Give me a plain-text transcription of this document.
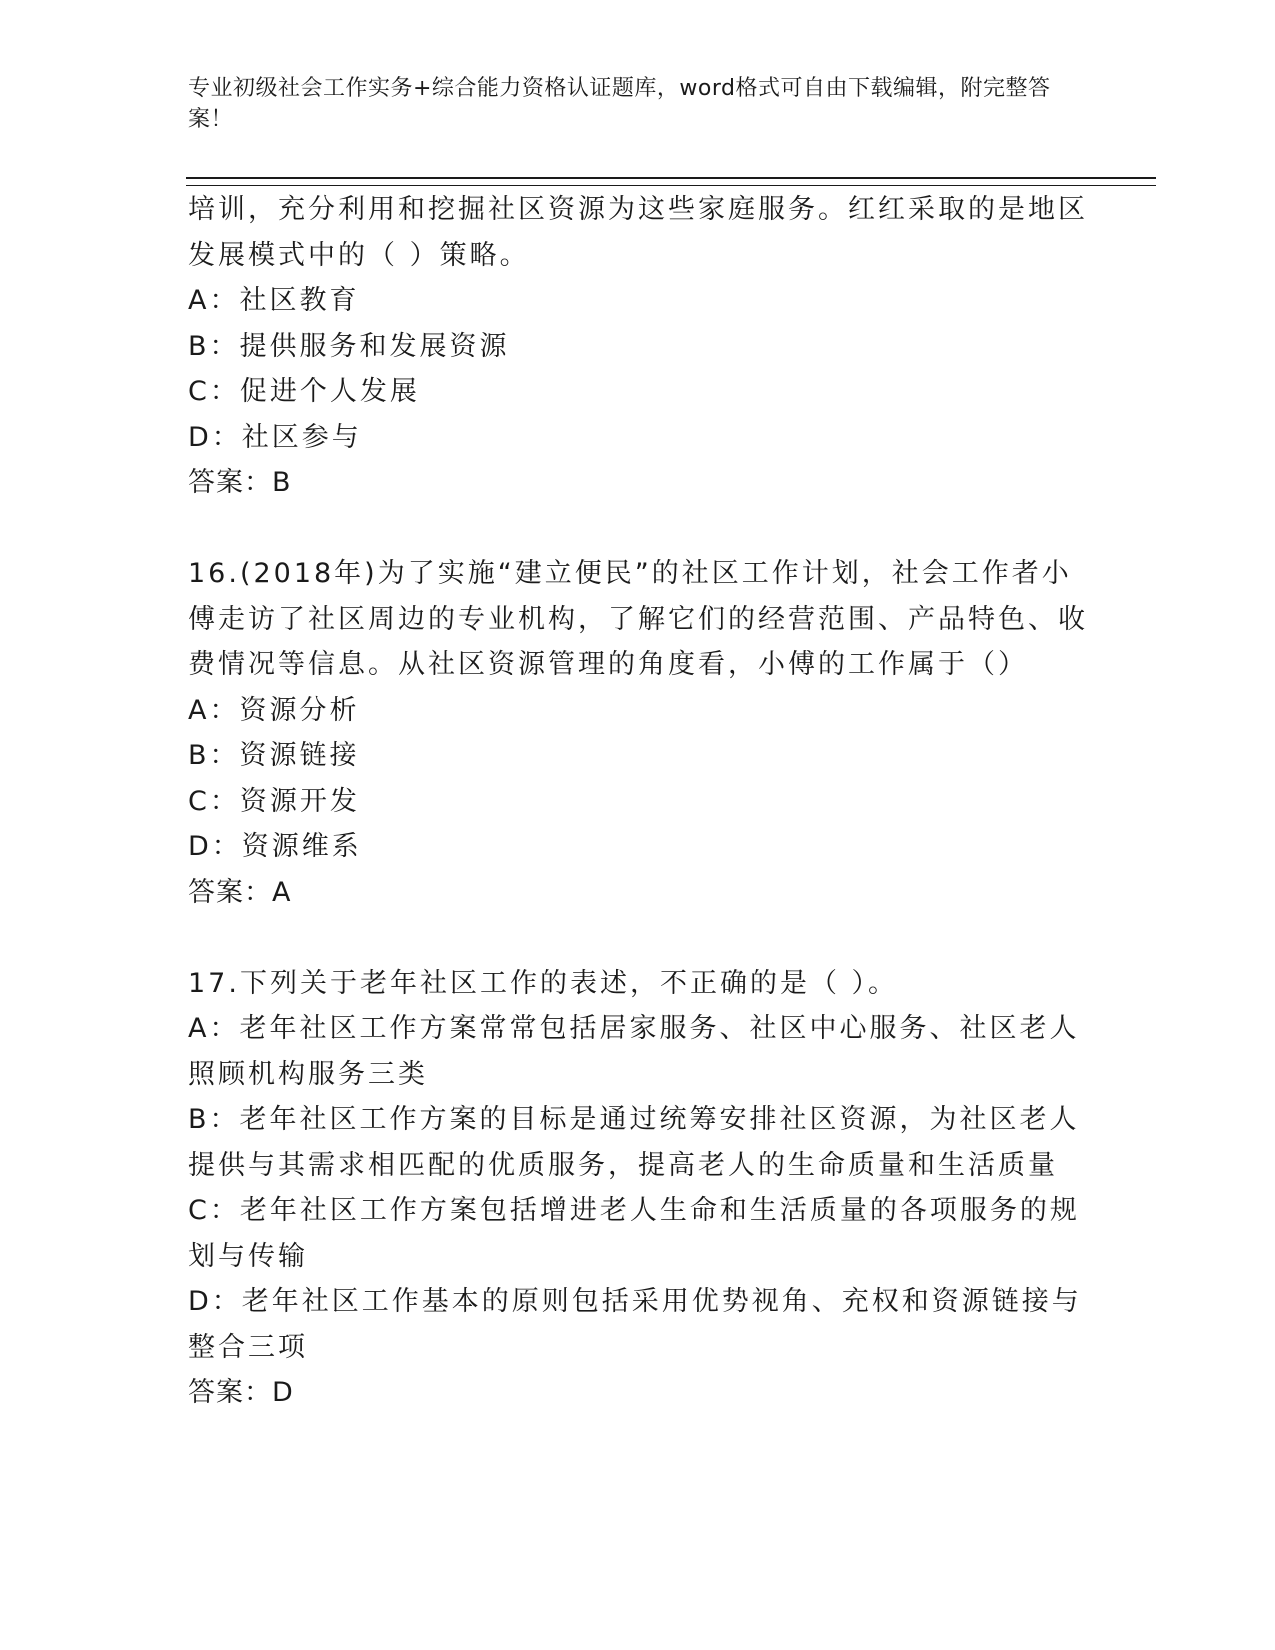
专业初级社会工作实务+综合能力资格认证题库，word格式可自由下载编辑，附完整答案！

培训，充分利用和挖掘社区资源为这些家庭服务。红红采取的是地区发展模式中的（ ）策略。

A：社区教育

B：提供服务和发展资源

C：促进个人发展

D：社区参与

答案：B

16.(2018年)为了实施“建立便民”的社区工作计划，社会工作者小傅走访了社区周边的专业机构，了解它们的经营范围、产品特色、收费情况等信息。从社区资源管理的角度看，小傅的工作属于（）

A：资源分析

B：资源链接

C：资源开发

D：资源维系

答案：A

17.下列关于老年社区工作的表述，不正确的是（ ）。

A：老年社区工作方案常常包括居家服务、社区中心服务、社区老人照顾机构服务三类

B：老年社区工作方案的目标是通过统筹安排社区资源，为社区老人提供与其需求相匹配的优质服务，提高老人的生命质量和生活质量

C：老年社区工作方案包括增进老人生命和生活质量的各项服务的规划与传输

D：老年社区工作基本的原则包括采用优势视角、充权和资源链接与整合三项

答案：D
